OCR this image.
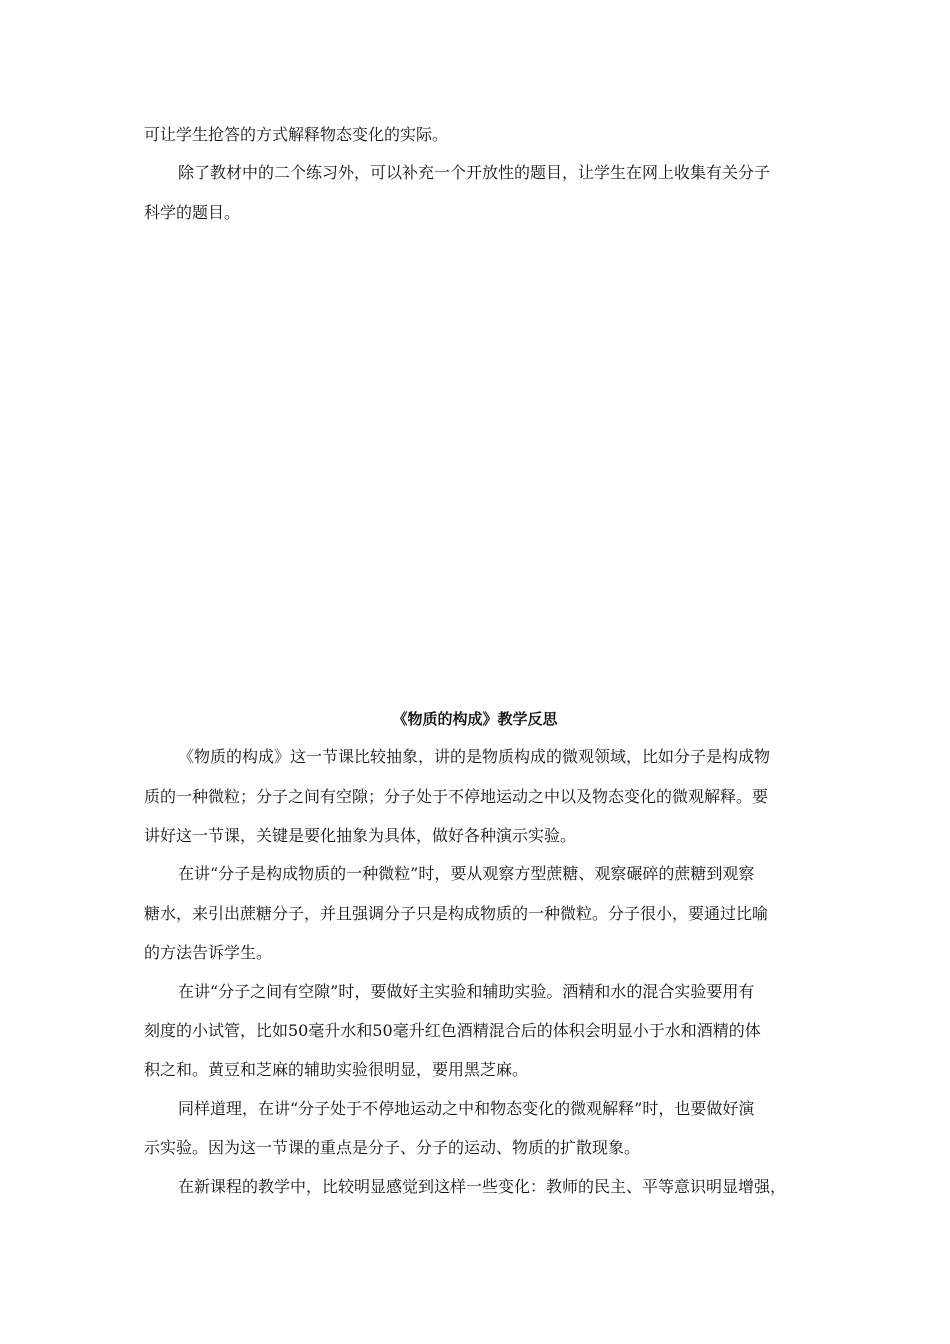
可让学生抢答的方式解释物态变化的实际。
除了教材中的二个练习外，可以补充一个开放性的题目，让学生在网上收集有关分子
科学的题目。
《物质的构成》教学反思
《物质的构成》这一节课比较抽象，讲的是物质构成的微观领域，比如分子是构成物
质的一种微粒；分子之间有空隙；分子处于不停地运动之中以及物态变化的微观解释。要
讲好这一节课，关键是要化抽象为具体，做好各种演示实验。
在讲“分子是构成物质的一种微粒”时，要从观察方型蔗糖、观察碾碎的蔗糖到观察
糖水，来引出蔗糖分子，并且强调分子只是构成物质的一种微粒。分子很小，要通过比喻
的方法告诉学生。
在讲“分子之间有空隙”时，要做好主实验和辅助实验。酒精和水的混合实验要用有
刻度的小试管，比如50毫升水和50毫升红色酒精混合后的体积会明显小于水和酒精的体
积之和。黄豆和芝麻的辅助实验很明显，要用黑芝麻。
同样道理，在讲“分子处于不停地运动之中和物态变化的微观解释”时，也要做好演
示实验。因为这一节课的重点是分子、分子的运动、物质的扩散现象。
在新课程的教学中，比较明显感觉到这样一些变化：教师的民主、平等意识明显增强，
